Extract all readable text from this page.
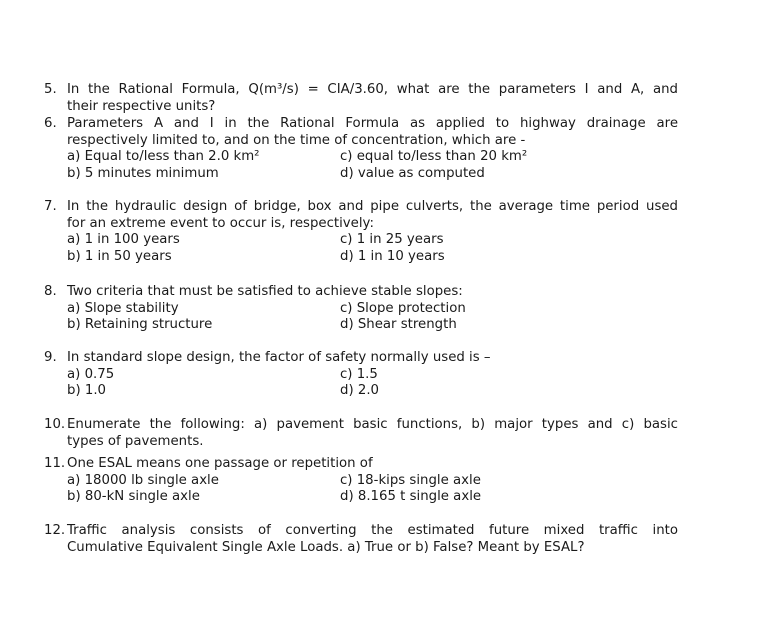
5. In the Rational Formula, Q(m³/s) = CIA/3.60, what are the parameters I and A, and
their respective units?
6. Parameters A and I in the Rational Formula as applied to highway drainage are
respectively limited to, and on the time of concentration, which are -
a) Equal to/less than 2.0 km²
b) 5 minutes minimum
c) equal to/less than 20 km²
d) value as computed
7. In the hydraulic design of bridge, box and pipe culverts, the average time period used
for an extreme event to occur is, respectively:
a) 1 in 100 years
b) 1 in 50 years
c) 1 in 25 years
d) 1 in 10 years
8. Two criteria that must be satisfied to achieve stable slopes:
a) Slope stability
b) Retaining structure
c) Slope protection
d) Shear strength
9. In standard slope design, the factor of safety normally used is –
a) 0.75
b) 1.0
c) 1.5
d) 2.0
10. Enumerate the following: a) pavement basic functions, b) major types and c) basic
types of pavements.
11. One ESAL means one passage or repetition of
a) 18000 lb single axle
b) 80-kN single axle
c) 18-kips single axle
d) 8.165 t single axle
12. Traffic analysis consists of converting the estimated future mixed traffic into
Cumulative Equivalent Single Axle Loads. a) True or b) False? Meant by ESAL?
